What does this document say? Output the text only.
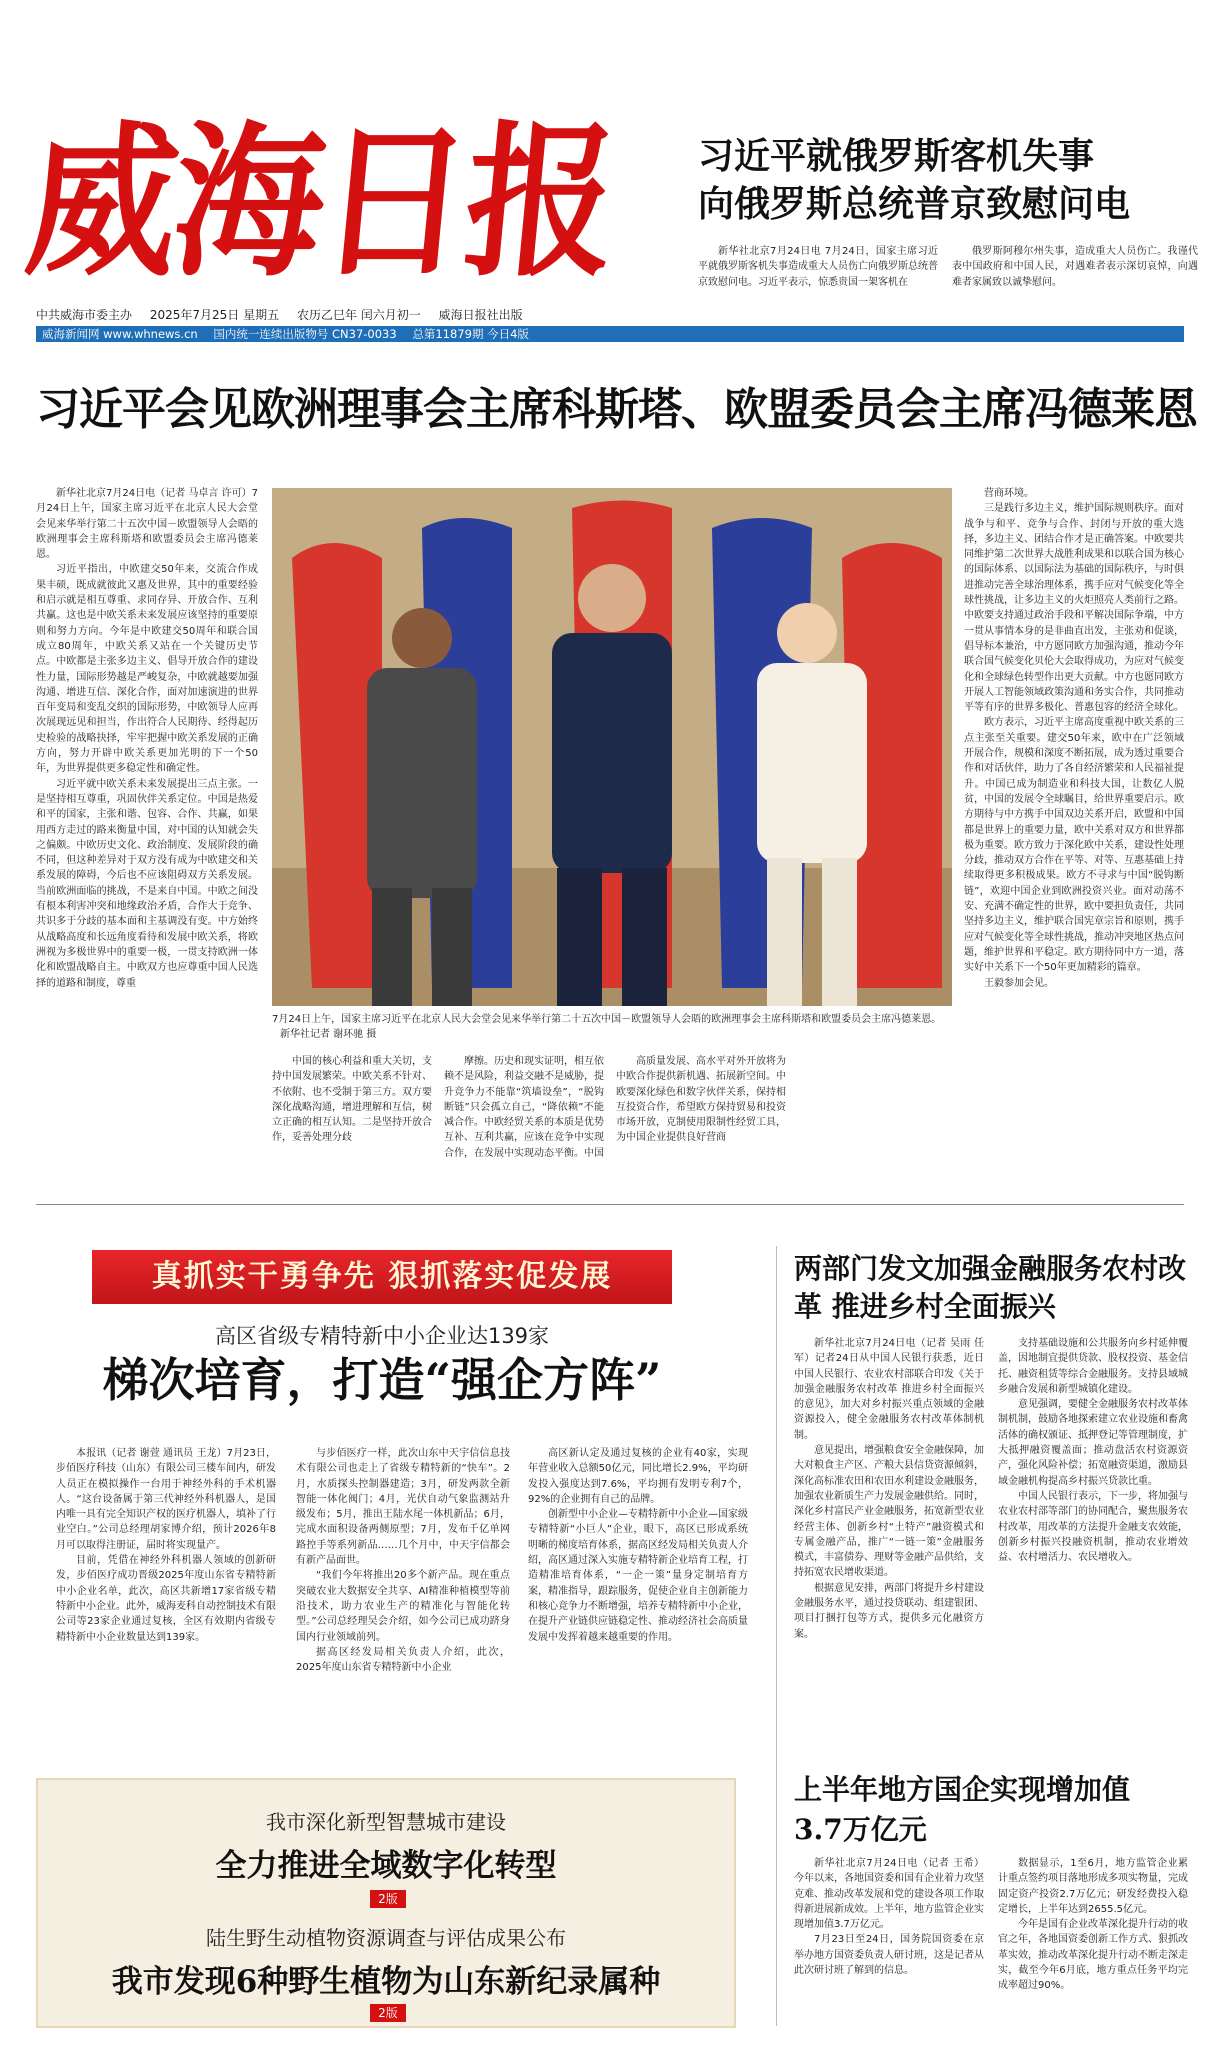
威海日报 习近平就俄罗斯客机失事
向俄罗斯总统普京致慰问电

新华社北京7月24日电 7月24日，国家主席习近平就俄罗斯客机失事造成重大人员伤亡向俄罗斯总统普京致慰问电。习近平表示，惊悉贵国一架客机在

俄罗斯阿穆尔州失事，造成重大人员伤亡。我谨代表中国政府和中国人民，对遇难者表示深切哀悼，向遇难者家属致以诚挚慰问。

中共威海市委主办 2025年7月25日 星期五 农历乙巳年 闰六月初一 威海日报社出版
威海新闻网 www.whnews.cn 国内统一连续出版物号 CN37-0033 总第11879期 今日4版
习近平会见欧洲理事会主席科斯塔、欧盟委员会主席冯德莱恩

新华社北京7月24日电（记者 马卓言 许可）7月24日上午，国家主席习近平在北京人民大会堂会见来华举行第二十五次中国－欧盟领导人会晤的欧洲理事会主席科斯塔和欧盟委员会主席冯德莱恩。

习近平指出，中欧建交50年来，交流合作成果丰硕，既成就彼此又惠及世界，其中的重要经验和启示就是相互尊重、求同存异、开放合作、互利共赢。这也是中欧关系未来发展应该坚持的重要原则和努力方向。今年是中欧建交50周年和联合国成立80周年，中欧关系又站在一个关键历史节点。中欧都是主张多边主义、倡导开放合作的建设性力量，国际形势越是严峻复杂，中欧就越要加强沟通、增进互信、深化合作，面对加速演进的世界百年变局和变乱交织的国际形势，中欧领导人应再次展现远见和担当，作出符合人民期待、经得起历史检验的战略抉择，牢牢把握中欧关系发展的正确方向，努力开辟中欧关系更加光明的下一个50年，为世界提供更多稳定性和确定性。

习近平就中欧关系未来发展提出三点主张。一是坚持相互尊重，巩固伙伴关系定位。中国是热爱和平的国家，主张和谐、包容、合作、共赢，如果用西方走过的路来衡量中国，对中国的认知就会失之偏颇。中欧历史文化、政治制度、发展阶段的确不同，但这种差异对于双方没有成为中欧建交和关系发展的障碍，今后也不应该阻碍双方关系发展。当前欧洲面临的挑战，不是来自中国。中欧之间没有根本利害冲突和地缘政治矛盾，合作大于竞争、共识多于分歧的基本面和主基调没有变。中方始终从战略高度和长远角度看待和发展中欧关系，将欧洲视为多极世界中的重要一极，一贯支持欧洲一体化和欧盟战略自主。中欧双方也应尊重中国人民选择的道路和制度，尊重

7月24日上午，国家主席习近平在北京人民大会堂会见来华举行第二十五次中国－欧盟领导人会晤的欧洲理事会主席科斯塔和欧盟委员会主席冯德莱恩。 新华社记者 谢环驰 摄

中国的核心利益和重大关切，支持中国发展繁荣。中欧关系不针对、不依附、也不受制于第三方。双方要深化战略沟通，增进理解和互信，树立正确的相互认知。二是坚持开放合作，妥善处理分歧

摩擦。历史和现实证明，相互依赖不是风险，利益交融不是威胁，提升竞争力不能靠“筑墙设垒”，“脱钩断链”只会孤立自己，“降依赖”不能减合作。中欧经贸关系的本质是优势互补、互利共赢，应该在竞争中实现合作，在发展中实现动态平衡。中国

高质量发展、高水平对外开放将为中欧合作提供新机遇、拓展新空间。中欧要深化绿色和数字伙伴关系，保持相互投资合作，希望欧方保持贸易和投资市场开放，克制使用限制性经贸工具，为中国企业提供良好营商

营商环境。

三是践行多边主义，维护国际规则秩序。面对战争与和平、竞争与合作、封闭与开放的重大选择，多边主义、团结合作才是正确答案。中欧要共同维护第二次世界大战胜利成果和以联合国为核心的国际体系、以国际法为基础的国际秩序，与时俱进推动完善全球治理体系，携手应对气候变化等全球性挑战，让多边主义的火炬照亮人类前行之路。中欧要支持通过政治手段和平解决国际争端，中方一贯从事情本身的是非曲直出发，主张劝和促谈，倡导标本兼治，中方愿同欧方加强沟通，推动今年联合国气候变化贝伦大会取得成功，为应对气候变化和全球绿色转型作出更大贡献。中方也愿同欧方开展人工智能领域政策沟通和务实合作，共同推动平等有序的世界多极化、普惠包容的经济全球化。

欧方表示，习近平主席高度重视中欧关系的三点主张至关重要。建交50年来，欧中在广泛领域开展合作，规模和深度不断拓展，成为透过重要合作和对话伙伴，助力了各自经济繁荣和人民福祉提升。中国已成为制造业和科技大国，让数亿人脱贫，中国的发展令全球瞩目，给世界重要启示。欧方期待与中方携手中国双边关系开启，欧盟和中国都是世界上的重要力量，欧中关系对双方和世界都极为重要。欧方致力于深化欧中关系，建设性处理分歧，推动双方合作在平等、对等、互惠基础上持续取得更多积极成果。欧方不寻求与中国“脱钩断链”，欢迎中国企业到欧洲投资兴业。面对动荡不安、充满不确定性的世界，欧中要担负责任，共同坚持多边主义，维护联合国宪章宗旨和原则，携手应对气候变化等全球性挑战，推动冲突地区热点问题，维护世界和平稳定。欧方期待同中方一道，落实好中关系下一个50年更加精彩的篇章。

王毅参加会见。

真抓实干勇争先 狠抓落实促发展
高区省级专精特新中小企业达139家
梯次培育，打造“强企方阵”

本报讯（记者 谢萱 通讯员 王龙）7月23日，步佰医疗科技（山东）有限公司三楼车间内，研发人员正在模拟操作一台用于神经外科的手术机器人。“这台设备属于第三代神经外科机器人，是国内唯一具有完全知识产权的医疗机器人，填补了行业空白。”公司总经理胡家博介绍，预计2026年8月可以取得注册证，届时将实现量产。

目前，凭借在神经外科机器人领域的创新研发，步佰医疗成功晋级2025年度山东省专精特新中小企业名单，此次，高区共新增17家省级专精特新中小企业。此外，威海麦科自动控制技术有限公司等23家企业通过复核，全区有效期内省级专精特新中小企业数量达到139家。

与步佰医疗一样，此次山东中天宇信信息技术有限公司也走上了省级专精特新的“快车”。2月，水质探头控制器建造；3月，研发两款全新智能一体化阀门；4月，光伏自动气象监测站升级发布；5月，推出王陆水尾一体机新品；6月，完成水面积设备两侧原型；7月，发布千亿单网路控手等系列新品……几个月中，中天宇信都会有新产品面世。

“我们今年将推出20多个新产品。现在重点突破农业大数据安全共享、AI精准种植模型等前沿技术，助力农业生产的精准化与智能化转型。”公司总经理吴会介绍，如今公司已成功跻身国内行业领域前列。

据高区经发局相关负责人介绍，此次，2025年度山东省专精特新中小企业

高区新认定及通过复核的企业有40家，实现年营业收入总额50亿元，同比增长2.9%，平均研发投入强度达到7.6%，平均拥有发明专利7个，92%的企业拥有自己的品牌。

创新型中小企业—专精特新中小企业—国家级专精特新“小巨人”企业，眼下，高区已形成系统明晰的梯度培育体系，据高区经发局相关负责人介绍，高区通过深入实施专精特新企业培育工程，打造精准培育体系，“一企一策”量身定制培育方案，精准指导，跟踪服务，促使企业自主创新能力和核心竞争力不断增强，培养专精特新中小企业，在提升产业链供应链稳定性、推动经济社会高质量发展中发挥着越来越重要的作用。

两部门发文加强金融服务农村改革 推进乡村全面振兴

新华社北京7月24日电（记者 吴雨 任军）记者24日从中国人民银行获悉，近日中国人民银行、农业农村部联合印发《关于加强金融服务农村改革 推进乡村全面振兴的意见》，加大对乡村振兴重点领域的金融资源投入，健全金融服务农村改革体制机制。

意见提出，增强粮食安全金融保障，加大对粮食主产区、产粮大县信贷资源倾斜，深化高标准农田和农田水利建设金融服务，加强农业新质生产力发展金融供给。同时，深化乡村富民产业金融服务，拓宽新型农业经营主体、创新乡村“土特产”融资模式和专属金融产品，推广“一链一策”金融服务模式，丰富债券、理财等金融产品供给，支持拓宽农民增收渠道。

根据意见安排，两部门将提升乡村建设金融服务水平，通过投贷联动、组建银团、项目打捆打包等方式，提供多元化融资方案。

支持基础设施和公共服务向乡村延伸覆盖，因地制宜提供贷款、股权投资、基金信托、融资租赁等综合金融服务。支持县域城乡融合发展和新型城镇化建设。

意见强调，要健全金融服务农村改革体制机制，鼓励各地探索建立农业设施和畜禽活体的确权颁证、抵押登记等管理制度，扩大抵押融资覆盖面；推动盘活农村资源资产，强化风险补偿；拓宽融资渠道，激励县域金融机构提高乡村振兴贷款比重。

中国人民银行表示，下一步，将加强与农业农村部等部门的协同配合，聚焦服务农村改革，用改革的方法提升金融支农效能，创新乡村振兴投融资机制，推动农业增效益、农村增活力、农民增收入。

我市深化新型智慧城市建设
全力推进全域数字化转型
2版
陆生野生动植物资源调查与评估成果公布
我市发现6种野生植物为山东新纪录属种
2版
上半年地方国企实现增加值
3.7万亿元

新华社北京7月24日电（记者 王希）今年以来，各地国资委和国有企业着力攻坚克难、推动改革发展和党的建设各项工作取得新进展新成效。上半年，地方监管企业实现增加值3.7万亿元。

7月23日至24日，国务院国资委在京举办地方国资委负责人研讨班，这是记者从此次研讨班了解到的信息。

数据显示，1至6月，地方监管企业累计重点签约项目落地形成多项实物量，完成固定资产投资2.7万亿元；研发经费投入稳定增长，上半年达到2655.5亿元。

今年是国有企业改革深化提升行动的收官之年，各地国资委创新工作方式、狠抓改革实效，推动改革深化提升行动不断走深走实，截至今年6月底，地方重点任务平均完成率超过90%。
